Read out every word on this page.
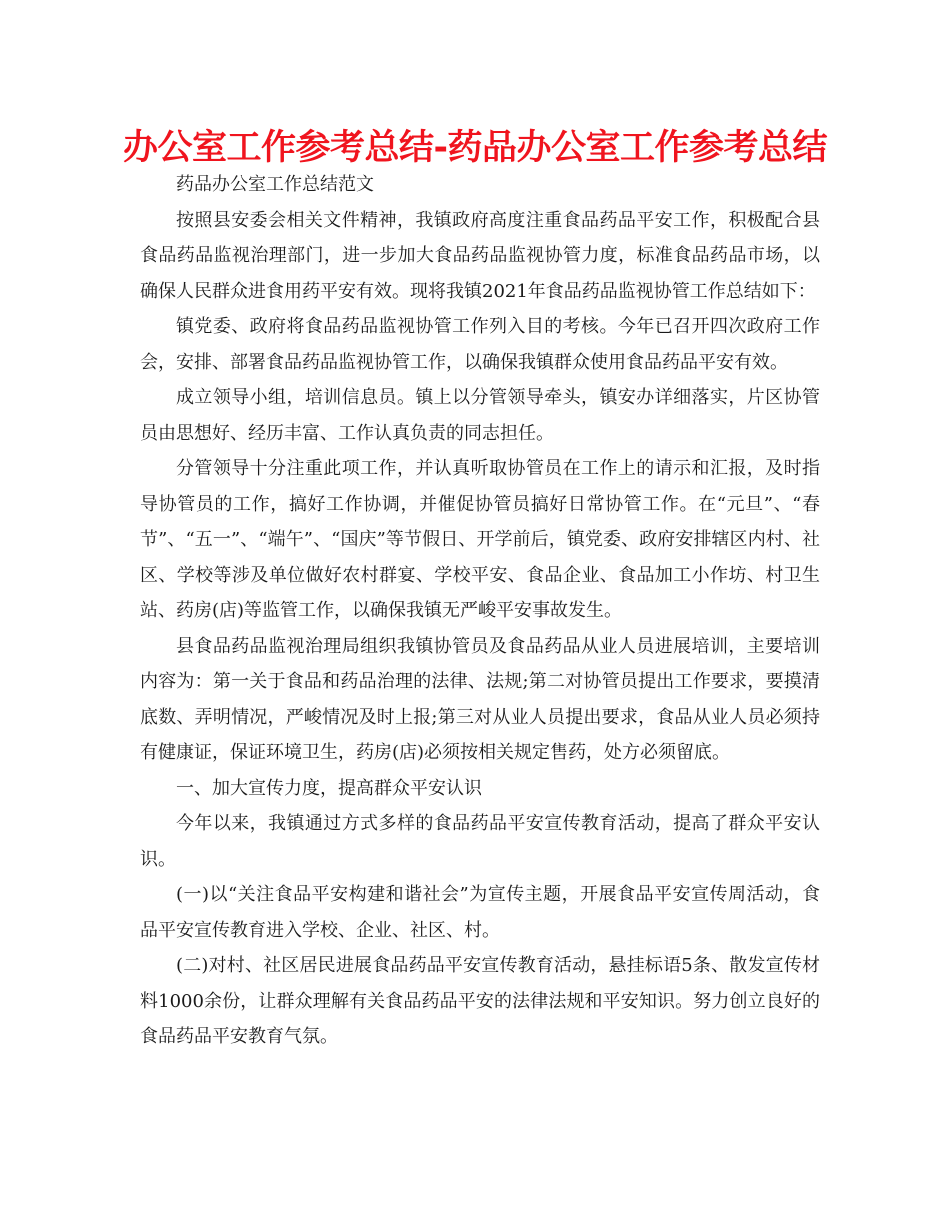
办公室工作参考总结-药品办公室工作参考总结

药品办公室工作总结范文

按照县安委会相关文件精神，我镇政府高度注重食品药品平安工作，积极配合县食品药品监视治理部门，进一步加大食品药品监视协管力度，标准食品药品市场，以确保人民群众进食用药平安有效。现将我镇2021年食品药品监视协管工作总结如下：

镇党委、政府将食品药品监视协管工作列入目的考核。今年已召开四次政府工作会，安排、部署食品药品监视协管工作，以确保我镇群众使用食品药品平安有效。

成立领导小组，培训信息员。镇上以分管领导牵头，镇安办详细落实，片区协管员由思想好、经历丰富、工作认真负责的同志担任。

分管领导十分注重此项工作，并认真听取协管员在工作上的请示和汇报，及时指导协管员的工作，搞好工作协调，并催促协管员搞好日常协管工作。在“元旦”、“春节”、“五一”、“端午”、“国庆”等节假日、开学前后，镇党委、政府安排辖区内村、社区、学校等涉及单位做好农村群宴、学校平安、食品企业、食品加工小作坊、村卫生站、药房(店)等监管工作，以确保我镇无严峻平安事故发生。

县食品药品监视治理局组织我镇协管员及食品药品从业人员进展培训，主要培训内容为：第一关于食品和药品治理的法律、法规;第二对协管员提出工作要求，要摸清底数、弄明情况，严峻情况及时上报;第三对从业人员提出要求，食品从业人员必须持有健康证，保证环境卫生，药房(店)必须按相关规定售药，处方必须留底。

一、加大宣传力度，提高群众平安认识

今年以来，我镇通过方式多样的食品药品平安宣传教育活动，提高了群众平安认识。

(一)以“关注食品平安构建和谐社会”为宣传主题，开展食品平安宣传周活动，食品平安宣传教育进入学校、企业、社区、村。

(二)对村、社区居民进展食品药品平安宣传教育活动，悬挂标语5条、散发宣传材料1000余份，让群众理解有关食品药品平安的法律法规和平安知识。努力创立良好的食品药品平安教育气氛。
